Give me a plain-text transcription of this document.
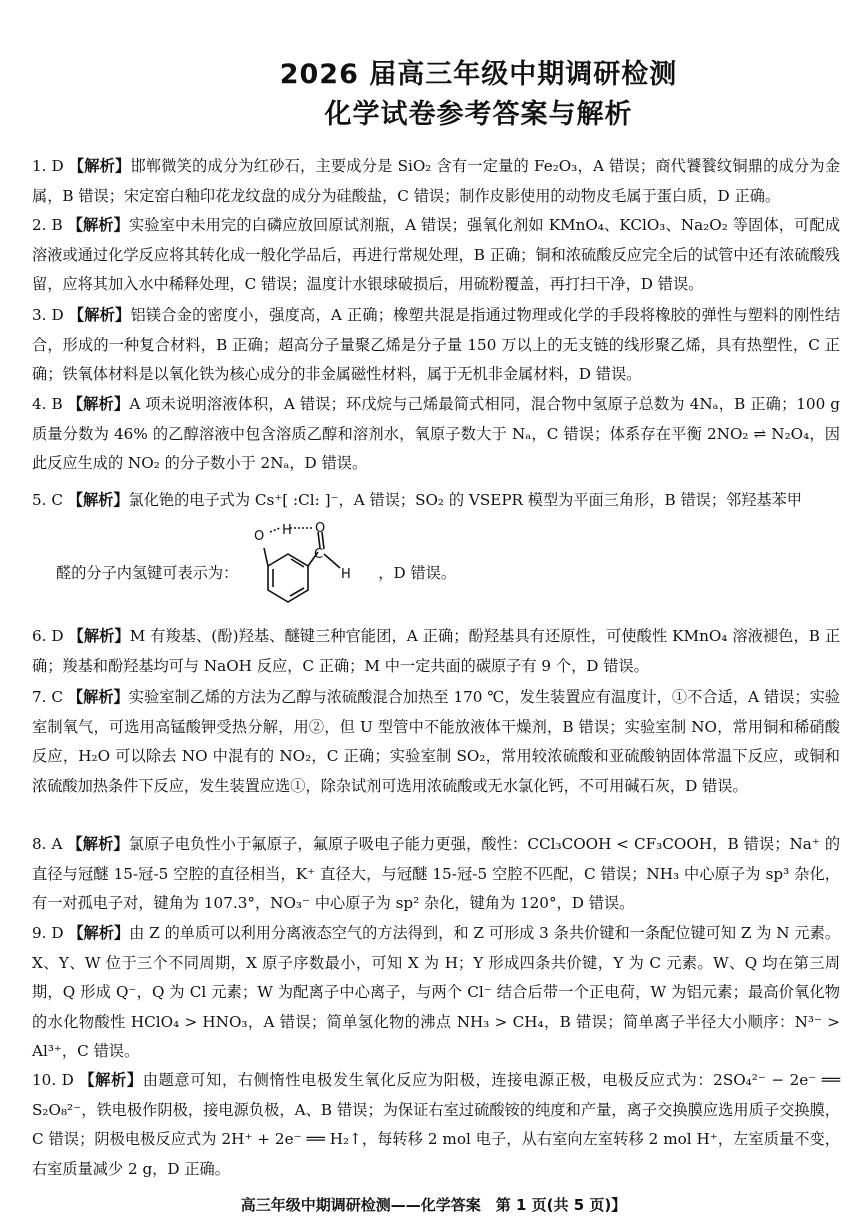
2026 届高三年级中期调研检测
化学试卷参考答案与解析
1. D 【解析】邯郸微笑的成分为红砂石，主要成分是 SiO₂ 含有一定量的 Fe₂O₃，A 错误；商代饕餮纹铜鼎的成分为金属，B 错误；宋定窑白釉印花龙纹盘的成分为硅酸盐，C 错误；制作皮影使用的动物皮毛属于蛋白质，D 正确。
2. B 【解析】实验室中未用完的白磷应放回原试剂瓶，A 错误；强氧化剂如 KMnO₄、KClO₃、Na₂O₂ 等固体，可配成溶液或通过化学反应将其转化成一般化学品后，再进行常规处理，B 正确；铜和浓硫酸反应完全后的试管中还有浓硫酸残留，应将其加入水中稀释处理，C 错误；温度计水银球破损后，用硫粉覆盖，再打扫干净，D 错误。
3. D 【解析】铝镁合金的密度小，强度高，A 正确；橡塑共混是指通过物理或化学的手段将橡胶的弹性与塑料的刚性结合，形成的一种复合材料，B 正确；超高分子量聚乙烯是分子量 150 万以上的无支链的线形聚乙烯，具有热塑性，C 正确；铁氧体材料是以氧化铁为核心成分的非金属磁性材料，属于无机非金属材料，D 错误。
4. B 【解析】A 项未说明溶液体积，A 错误；环戊烷与己烯最简式相同，混合物中氢原子总数为 4Nₐ，B 正确；100 g 质量分数为 46% 的乙醇溶液中包含溶质乙醇和溶剂水，氧原子数大于 Nₐ，C 错误；体系存在平衡 2NO₂ ⇌ N₂O₄，因此反应生成的 NO₂ 的分子数小于 2Nₐ，D 错误。
5. C 【解析】氯化铯的电子式为 Cs⁺[ :Cl: ]⁻，A 错误；SO₂ 的 VSEPR 模型为平面三角形，B 错误；邻羟基苯甲
醛的分子内氢键可表示为：	，D 错误。
O H O
C
H
6. D 【解析】M 有羧基、(酚)羟基、醚键三种官能团，A 正确；酚羟基具有还原性，可使酸性 KMnO₄ 溶液褪色，B 正确；羧基和酚羟基均可与 NaOH 反应，C 正确；M 中一定共面的碳原子有 9 个，D 错误。
7. C 【解析】实验室制乙烯的方法为乙醇与浓硫酸混合加热至 170 ℃，发生装置应有温度计，①不合适，A 错误；实验室制氧气，可选用高锰酸钾受热分解，用②，但 U 型管中不能放液体干燥剂，B 错误；实验室制 NO，常用铜和稀硝酸反应，H₂O 可以除去 NO 中混有的 NO₂，C 正确；实验室制 SO₂，常用较浓硫酸和亚硫酸钠固体常温下反应，或铜和浓硫酸加热条件下反应，发生装置应选①，除杂试剂可选用浓硫酸或无水氯化钙，不可用碱石灰，D 错误。
8. A 【解析】氯原子电负性小于氟原子，氟原子吸电子能力更强，酸性：CCl₃COOH < CF₃COOH，B 错误；Na⁺ 的直径与冠醚 15-冠-5 空腔的直径相当，K⁺ 直径大，与冠醚 15-冠-5 空腔不匹配，C 错误；NH₃ 中心原子为 sp³ 杂化，有一对孤电子对，键角为 107.3°，NO₃⁻ 中心原子为 sp² 杂化，键角为 120°，D 错误。
9. D 【解析】由 Z 的单质可以利用分离液态空气的方法得到，和 Z 可形成 3 条共价键和一条配位键可知 Z 为 N 元素。X、Y、W 位于三个不同周期，X 原子序数最小，可知 X 为 H；Y 形成四条共价键，Y 为 C 元素。W、Q 均在第三周期，Q 形成 Q⁻，Q 为 Cl 元素；W 为配离子中心离子，与两个 Cl⁻ 结合后带一个正电荷，W 为铝元素；最高价氧化物的水化物酸性 HClO₄ > HNO₃，A 错误；简单氢化物的沸点 NH₃ > CH₄，B 错误；简单离子半径大小顺序：N³⁻ > Al³⁺，C 错误。
10. D 【解析】由题意可知，右侧惰性电极发生氧化反应为阳极，连接电源正极，电极反应式为：2SO₄²⁻ − 2e⁻ ══ S₂O₈²⁻，铁电极作阴极，接电源负极，A、B 错误；为保证右室过硫酸铵的纯度和产量，离子交换膜应选用质子交换膜，C 错误；阴极电极反应式为 2H⁺ + 2e⁻ ══ H₂↑，每转移 2 mol 电子，从右室向左室转移 2 mol H⁺，左室质量不变，右室质量减少 2 g，D 正确。
高三年级中期调研检测——化学答案　第 1 页(共 5 页)】
